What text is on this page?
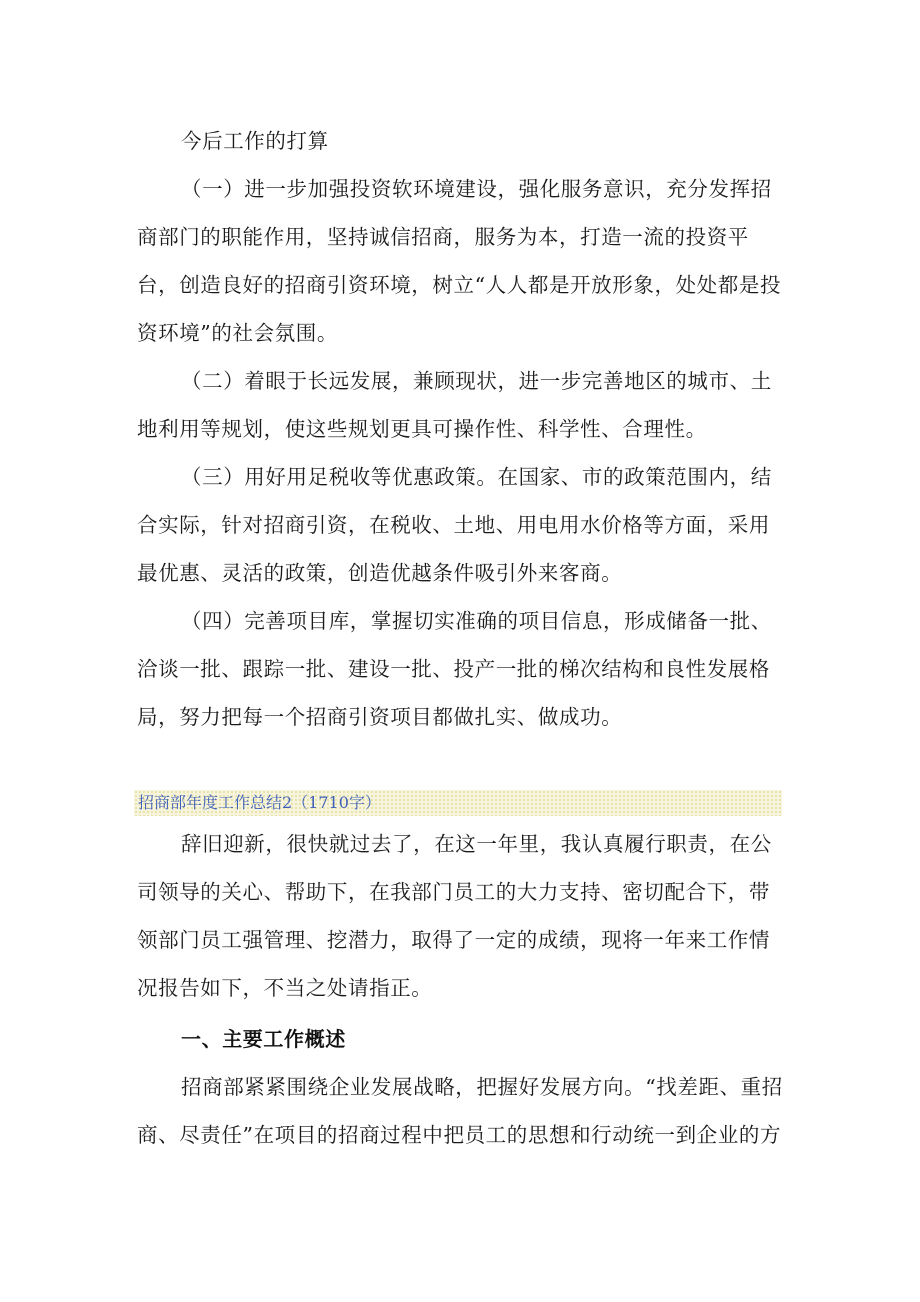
今后工作的打算
（一）进一步加强投资软环境建设，强化服务意识，充分发挥招商部门的职能作用，坚持诚信招商，服务为本，打造一流的投资平台，创造良好的招商引资环境，树立“人人都是开放形象，处处都是投资环境”的社会氛围。
（二）着眼于长远发展，兼顾现状，进一步完善地区的城市、土地利用等规划，使这些规划更具可操作性、科学性、合理性。
（三）用好用足税收等优惠政策。在国家、市的政策范围内，结合实际，针对招商引资，在税收、土地、用电用水价格等方面，采用最优惠、灵活的政策，创造优越条件吸引外来客商。
（四）完善项目库，掌握切实准确的项目信息，形成储备一批、洽谈一批、跟踪一批、建设一批、投产一批的梯次结构和良性发展格局，努力把每一个招商引资项目都做扎实、做成功。
招商部年度工作总结2（1710字）
辞旧迎新，很快就过去了，在这一年里，我认真履行职责，在公司领导的关心、帮助下，在我部门员工的大力支持、密切配合下，带领部门员工强管理、挖潜力，取得了一定的成绩，现将一年来工作情况报告如下，不当之处请指正。
一、主要工作概述
招商部紧紧围绕企业发展战略，把握好发展方向。“找差距、重招商、尽责任”在项目的招商过程中把员工的思想和行动统一到企业的方
